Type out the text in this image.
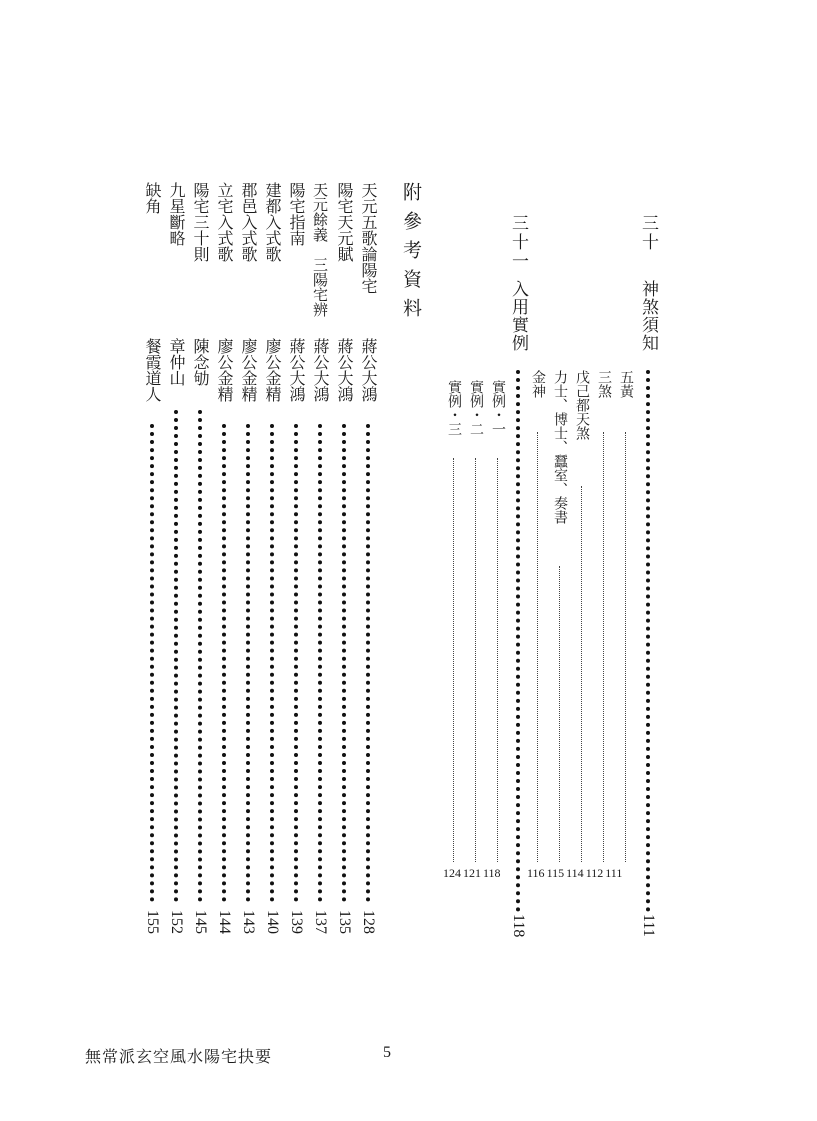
三十
神煞須知
111
五黃
三煞
戊己都天煞
力士、博士、蠶室、奏書
金神
116 115 114 112 111
三十一
入用實例
118
實例・一
實例・二
實例・三
124 121 118
附參考資料
天元五歌論陽宅
蔣公大鴻
128
陽宅天元賦
蔣公大鴻
135
天元餘義　三陽宅辨
蔣公大鴻
137
陽宅指南
蔣公大鴻
139
建都入式歌
廖公金精
140
郡邑入式歌
廖公金精
143
立宅入式歌
廖公金精
144
陽宅三十則
陳念劬
145
九星斷略
章仲山
152
缺角
餐霞道人
155
無常派玄空風水陽宅抉要	5
